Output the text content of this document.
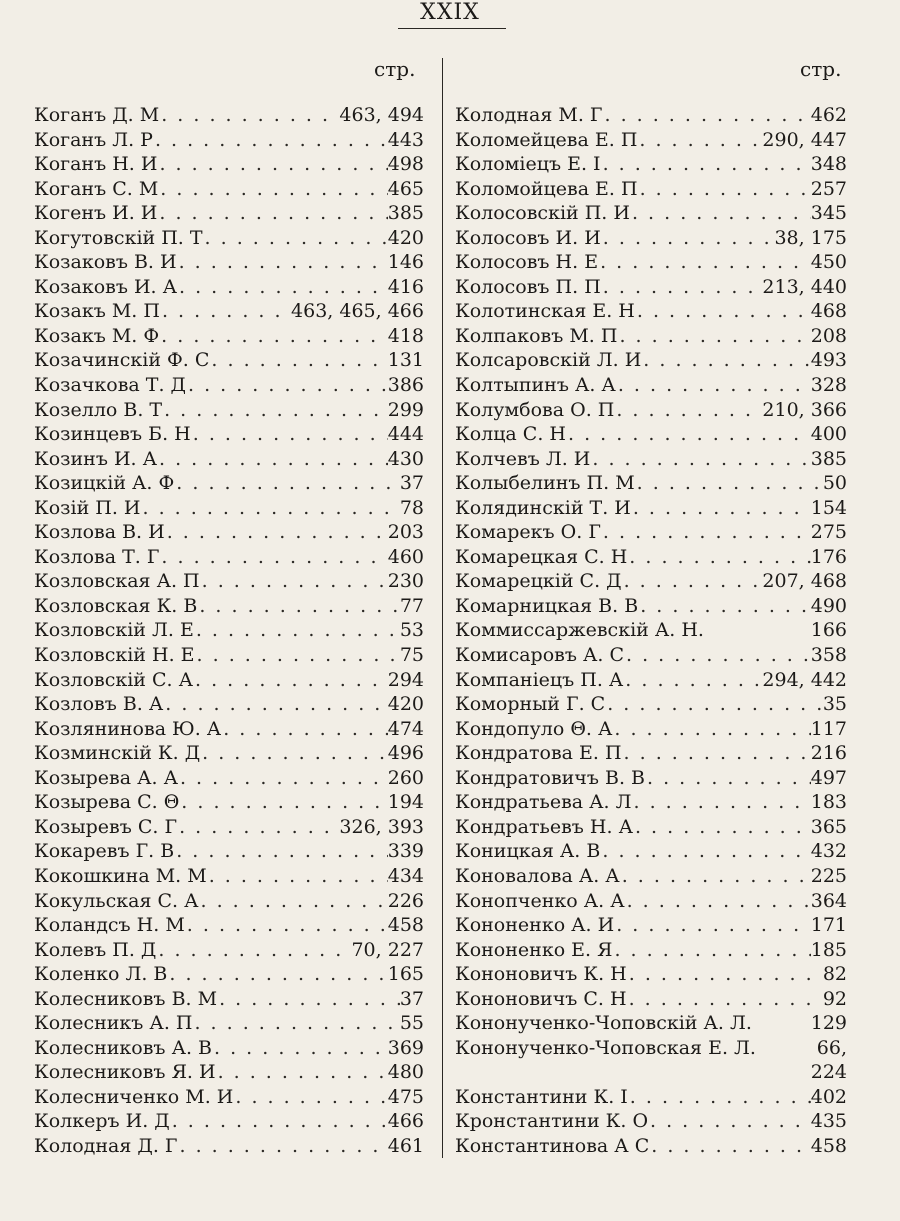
XXIX
стр.	стр.
Коганъ Д. М . . .	463, 494
Коганъ Л. Р . . .	443
Коганъ Н. И . . .	498
Коганъ С. М . . .	465
Когенъ И. И . . .	385
Когутовскій П. Т . . .	420
Козаковъ В. И . . .	146
Козаковъ И. А . . .	416
Козакъ М. П . . .	463, 465, 466
Козакъ М. Ф . . .	418
Козачинскій Ф. С . . .	131
Козачкова Т. Д . . .	386
Козелло В. Т . . .	299
Козинцевъ Б. Н . . .	444
Козинъ И. А . . .	430
Козицкій А. Ф . . .	37
Козій П. И . . .	78
Козлова В. И . . .	203
Козлова Т. Г . . .	460
Козловская А. П . . .	230
Козловская К. В . . .	77
Козловскій Л. Е . . .	53
Козловскій Н. Е . . .	75
Козловскій С. А . . .	294
Козловъ В. А . . .	420
Козлянинова Ю. А . . .	474
Козминскій К. Д . . .	496
Козырева А. А . . .	260
Козырева С. Θ . . .	194
Козыревъ С. Г . . .	326, 393
Кокаревъ Г. В . . .	339
Кокошкина М. М . . .	434
Кокульская С. А . . .	226
Коландсъ Н. М . . .	458
Колевъ П. Д . . .	70, 227
Коленко Л. В . . .	165
Колесниковъ В. М . . .	37
Колесникъ А. П . . .	55
Колесниковъ А. В . . .	369
Колесниковъ Я. И . . .	480
Колесниченко М. И . . .	475
Колкеръ И. Д . . .	466
Колодная Д. Г . . .	461
Колодная М. Г . . .	462
Коломейцева Е. П . . .	290, 447
Коломіецъ Е. І . . .	348
Коломойцева Е. П . . .	257
Колосовскій П. И . . .	345
Колосовъ И. И . . .	38, 175
Колосовъ Н. Е . . .	450
Колосовъ П. П . . .	213, 440
Колотинская Е. Н . . .	468
Колпаковъ М. П . . .	208
Колсаровскій Л. И . . .	493
Колтыпинъ А. А . . .	328
Колумбова О. П . . .	210, 366
Колца С. Н . . .	400
Колчевъ Л. И . . .	385
Колыбелинъ П. М . . .	50
Колядинскій Т. И . . .	154
Комарекъ О. Г . . .	275
Комарецкая С. Н . . .	176
Комарецкій С. Д . . .	207, 468
Комарницкая В. В . . .	490
Коммиссаржевскій А. Н.	166
Комисаровъ А. С . . .	358
Компаніецъ П. А . . .	294, 442
Коморный Г. С . . .	35
Кондопуло Θ. А . . .	117
Кондратова Е. П . . .	216
Кондратовичъ В. В . . .	497
Кондратьева А. Л . . .	183
Кондратьевъ Н. А . . .	365
Коницкая А. В . . .	432
Коновалова А. А . . .	225
Конопченко А. А . . .	364
Кононенко А. И . . .	171
Кононенко Е. Я . . .	185
Кононовичъ К. Н . . .	82
Кононовичъ С. Н . . .	92
Кононученко-Чоповскій А. Л.	129
Кононученко-Чоповская Е. Л.	66,
224
Константини К. І . . .	402
Кронстантини К. О . . .	435
Константинова А С . . .	458
